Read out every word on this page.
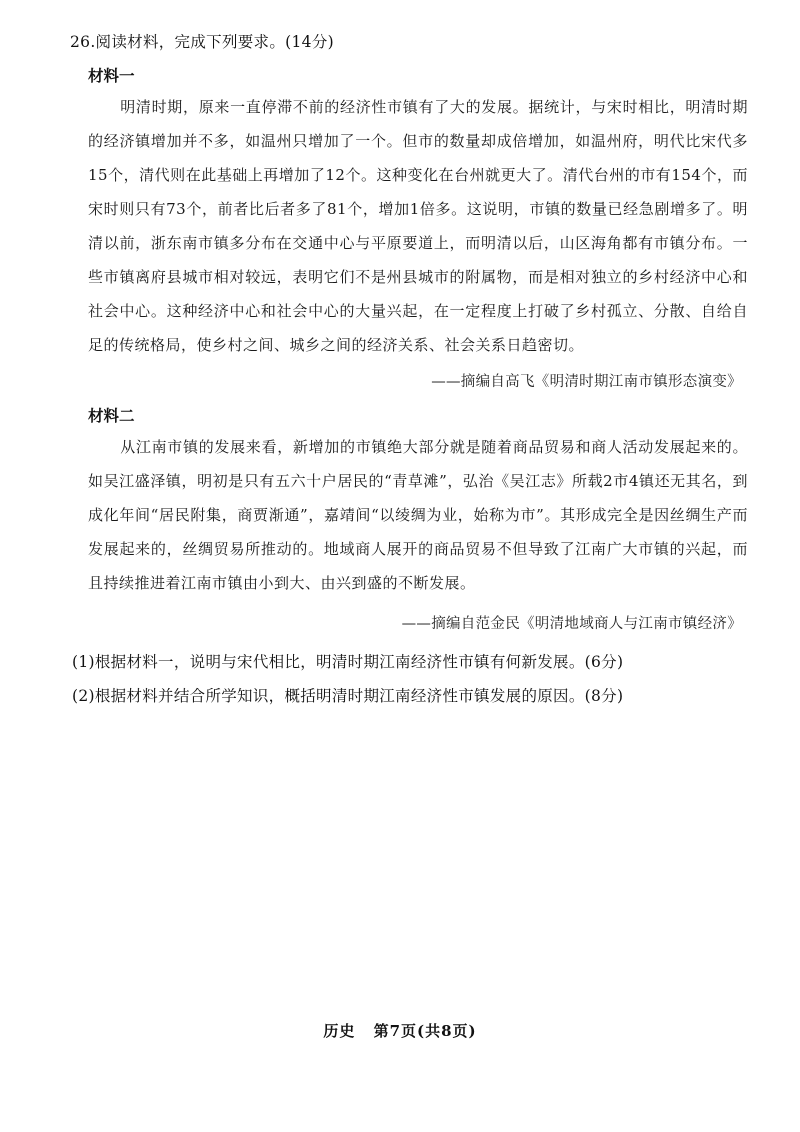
26.阅读材料，完成下列要求。(14分)
材料一
明清时期，原来一直停滞不前的经济性市镇有了大的发展。据统计，与宋时相比，明清时期的经济镇增加并不多，如温州只增加了一个。但市的数量却成倍增加，如温州府，明代比宋代多15个，清代则在此基础上再增加了12个。这种变化在台州就更大了。清代台州的市有154个，而宋时则只有73个，前者比后者多了81个，增加1倍多。这说明，市镇的数量已经急剧增多了。明清以前，浙东南市镇多分布在交通中心与平原要道上，而明清以后，山区海角都有市镇分布。一些市镇离府县城市相对较远，表明它们不是州县城市的附属物，而是相对独立的乡村经济中心和社会中心。这种经济中心和社会中心的大量兴起，在一定程度上打破了乡村孤立、分散、自给自足的传统格局，使乡村之间、城乡之间的经济关系、社会关系日趋密切。
——摘编自高飞《明清时期江南市镇形态演变》
材料二
从江南市镇的发展来看，新增加的市镇绝大部分就是随着商品贸易和商人活动发展起来的。如吴江盛泽镇，明初是只有五六十户居民的“青草滩”，弘治《吴江志》所载2市4镇还无其名，到成化年间“居民附集，商贾渐通”，嘉靖间“以绫绸为业，始称为市”。其形成完全是因丝绸生产而发展起来的，丝绸贸易所推动的。地域商人展开的商品贸易不但导致了江南广大市镇的兴起，而且持续推进着江南市镇由小到大、由兴到盛的不断发展。
——摘编自范金民《明清地域商人与江南市镇经济》
(1)根据材料一，说明与宋代相比，明清时期江南经济性市镇有何新发展。(6分)
(2)根据材料并结合所学知识，概括明清时期江南经济性市镇发展的原因。(8分)
历史 第7页(共8页)
